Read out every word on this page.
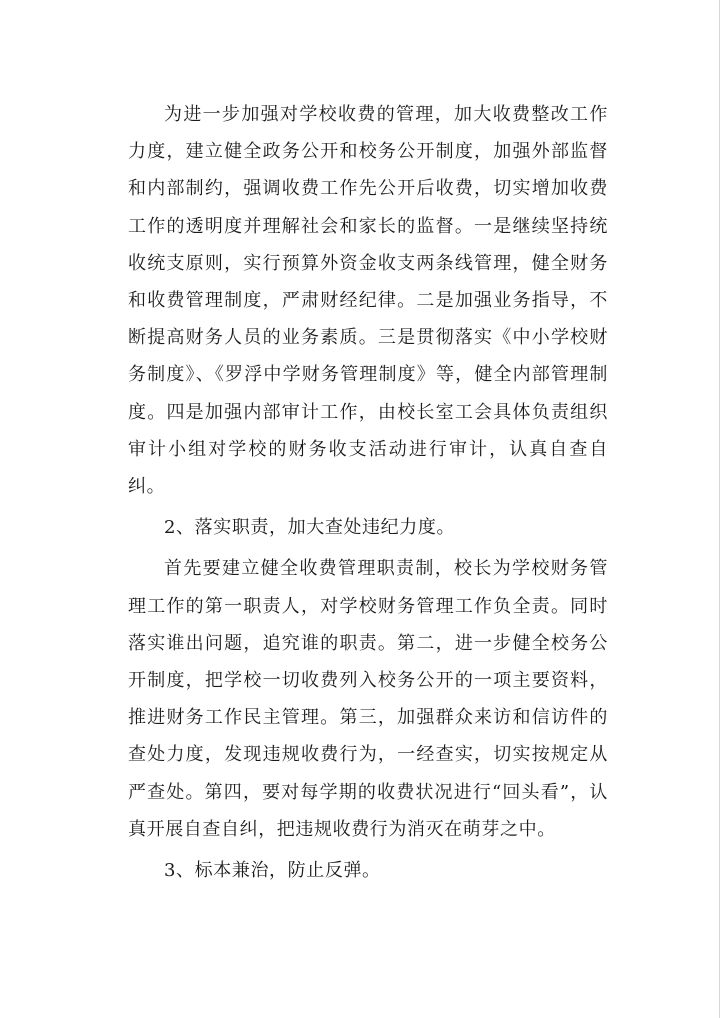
为进一步加强对学校收费的管理，加大收费整改工作力度，建立健全政务公开和校务公开制度，加强外部监督和内部制约，强调收费工作先公开后收费，切实增加收费工作的透明度并理解社会和家长的监督。一是继续坚持统收统支原则，实行预算外资金收支两条线管理，健全财务和收费管理制度，严肃财经纪律。二是加强业务指导，不断提高财务人员的业务素质。三是贯彻落实《中小学校财务制度》、《罗浮中学财务管理制度》等，健全内部管理制度。四是加强内部审计工作，由校长室工会具体负责组织审计小组对学校的财务收支活动进行审计，认真自查自纠。

2、落实职责，加大查处违纪力度。

首先要建立健全收费管理职责制，校长为学校财务管理工作的第一职责人，对学校财务管理工作负全责。同时落实谁出问题，追究谁的职责。第二，进一步健全校务公开制度，把学校一切收费列入校务公开的一项主要资料，推进财务工作民主管理。第三，加强群众来访和信访件的查处力度，发现违规收费行为，一经查实，切实按规定从严查处。第四，要对每学期的收费状况进行“回头看”，认真开展自查自纠，把违规收费行为消灭在萌芽之中。

3、标本兼治，防止反弹。
